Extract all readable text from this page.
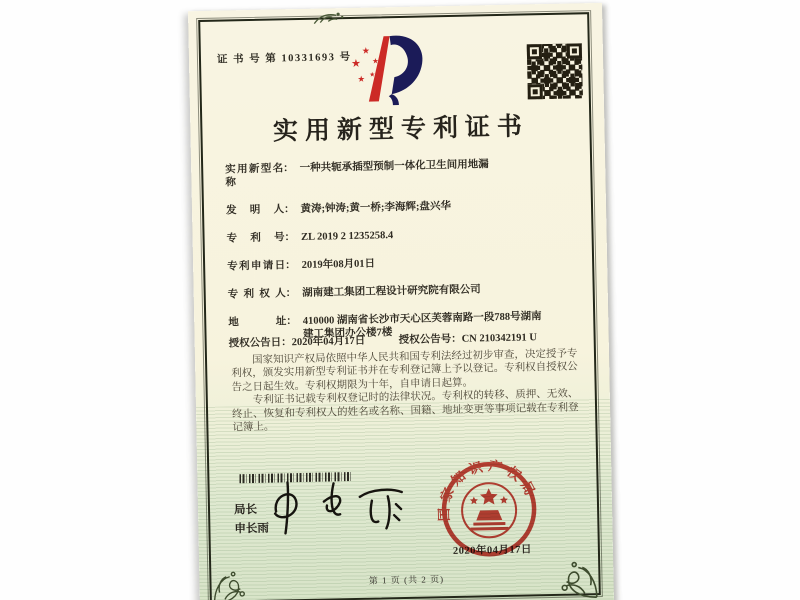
证 书 号 第 10331693 号 ★
★
★
★ ★
实用新型专利证书
实用新型名称
： 一种共轭承插型预制一体化卫生间用地漏
发明人 ： 黄涛;钟涛;黄一桥;李海辉;盘兴华
专利号 ： ZL 2019 2 1235258.4
专利申请日 ： 2019年08月01日
专利权人 ： 湖南建工集团工程设计研究院有限公司
地址 ： 410000 湖南省长沙市天心区芙蓉南路一段788号湖南建工集团办公楼7楼
授权公告日：2020年04月17日	授权公告号：CN 210342191 U

国家知识产权局依照中华人民共和国专利法经过初步审查，决定授予专利权，颁发实用新型专利证书并在专利登记簿上予以登记。专利权自授权公告之日起生效。专利权期限为十年，自申请日起算。

专利证书记载专利权登记时的法律状况。专利权的转移、质押、无效、终止、恢复和专利权人的姓名或名称、国籍、地址变更等事项记载在专利登记簿上。

局长
申长雨
2020年04月17日
国家知识产权局
第 1 页 (共 2 页)
